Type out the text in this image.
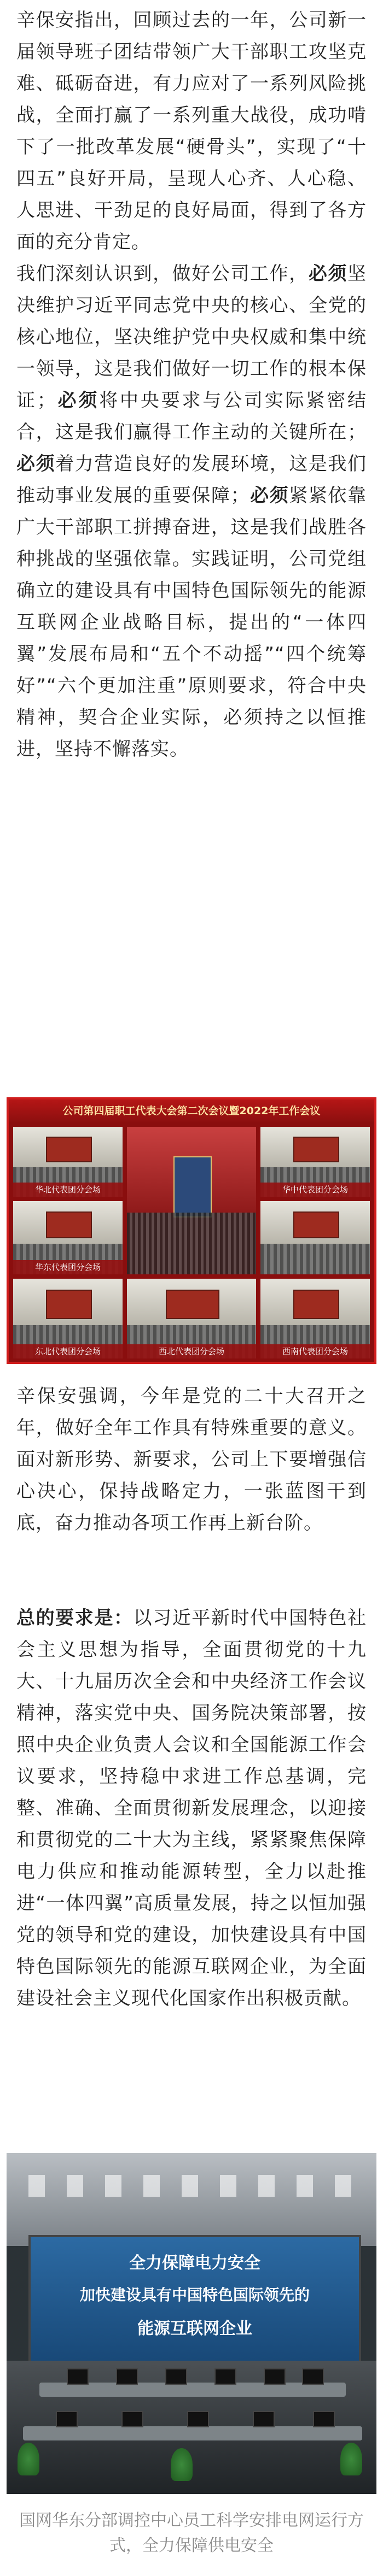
辛保安指出，回顾过去的一年，公司新一届领导班子团结带领广大干部职工攻坚克难、砥砺奋进，有力应对了一系列风险挑战，全面打赢了一系列重大战役，成功啃下了一批改革发展“硬骨头”，实现了“十四五”良好开局，呈现人心齐、人心稳、人思进、干劲足的良好局面，得到了各方面的充分肯定。

我们深刻认识到，做好公司工作，必须坚决维护习近平同志党中央的核心、全党的核心地位，坚决维护党中央权威和集中统一领导，这是我们做好一切工作的根本保证；必须将中央要求与公司实际紧密结合，这是我们赢得工作主动的关键所在；必须着力营造良好的发展环境，这是我们推动事业发展的重要保障；必须紧紧依靠广大干部职工拼搏奋进，这是我们战胜各种挑战的坚强依靠。实践证明，公司党组确立的建设具有中国特色国际领先的能源互联网企业战略目标，提出的“一体四翼”发展布局和“五个不动摇”“四个统筹好”“六个更加注重”原则要求，符合中央精神，契合企业实际，必须持之以恒推进，坚持不懈落实。

公司第四届职工代表大会第二次会议暨2022年工作会议
华北代表团分会场	华中代表团分会场
华东代表团分会场
东北代表团分会场	西北代表团分会场	西南代表团分会场

辛保安强调，今年是党的二十大召开之年，做好全年工作具有特殊重要的意义。面对新形势、新要求，公司上下要增强信心决心，保持战略定力，一张蓝图干到底，奋力推动各项工作再上新台阶。

总的要求是：以习近平新时代中国特色社会主义思想为指导，全面贯彻党的十九大、十九届历次全会和中央经济工作会议精神，落实党中央、国务院决策部署，按照中央企业负责人会议和全国能源工作会议要求，坚持稳中求进工作总基调，完整、准确、全面贯彻新发展理念，以迎接和贯彻党的二十大为主线，紧紧聚焦保障电力供应和推动能源转型，全力以赴推进“一体四翼”高质量发展，持之以恒加强党的领导和党的建设，加快建设具有中国特色国际领先的能源互联网企业，为全面建设社会主义现代化国家作出积极贡献。

全力保障电力安全
加快建设具有中国特色国际领先的
能源互联网企业
国网华东分部调控中心员工科学安排电网运行方式，全力保障供电安全
